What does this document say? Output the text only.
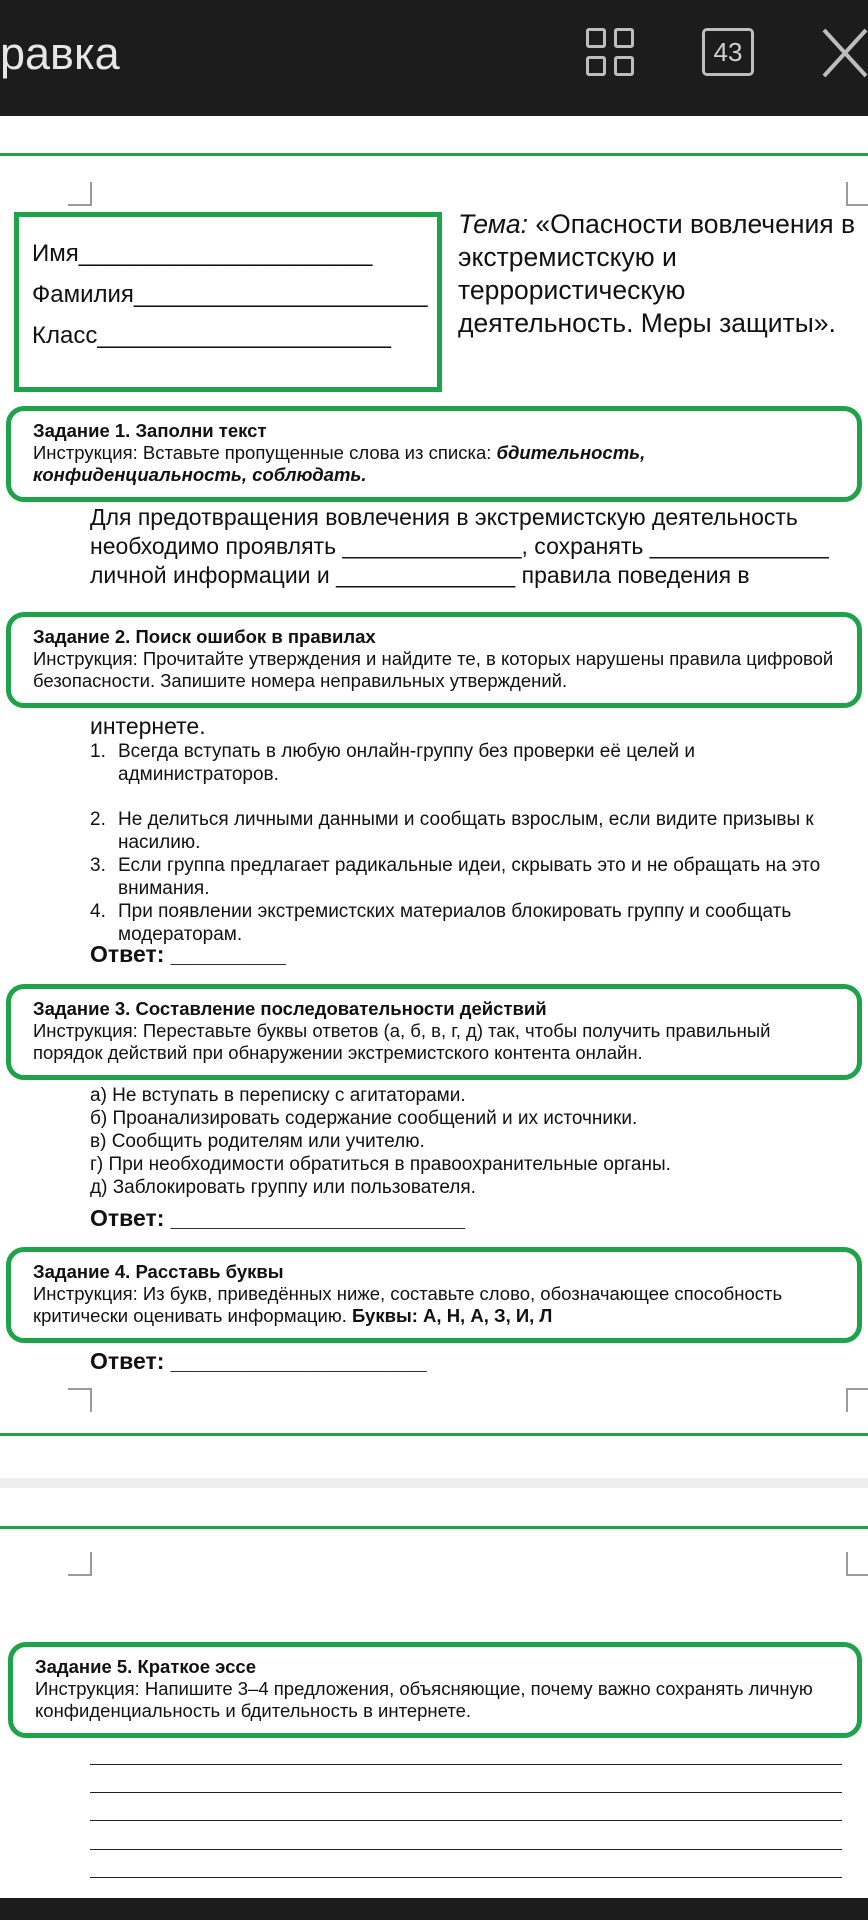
равка	43
Имя______________________
Фамилия______________________
Класс______________________
Тема: «Опасности вовлечения в экстремистскую и террористическую деятельность. Меры защиты».
Задание 1. Заполни текст
Инструкция: Вставьте пропущенные слова из списка: бдительность, конфиденциальность, соблюдать.
Для предотвращения вовлечения в экстремистскую деятельность
необходимо проявлять ______________, сохранять ______________
личной информации и ______________ правила поведения в
Задание 2. Поиск ошибок в правилах
Инструкция: Прочитайте утверждения и найдите те, в которых нарушены правила цифровой безопасности. Запишите номера неправильных утверждений.
интернете.
1. Всегда вступать в любую онлайн-группу без проверки её целей и администраторов.
2. Не делиться личными данными и сообщать взрослым, если видите призывы к насилию.
3. Если группа предлагает радикальные идеи, скрывать это и не обращать на это внимания.
4. При появлении экстремистских материалов блокировать группу и сообщать модераторам.
Ответ: _________
Задание 3. Составление последовательности действий
Инструкция: Переставьте буквы ответов (а, б, в, г, д) так, чтобы получить правильный порядок действий при обнаружении экстремистского контента онлайн.
а) Не вступать в переписку с агитаторами.
б) Проанализировать содержание сообщений и их источники.
в) Сообщить родителям или учителю.
г) При необходимости обратиться в правоохранительные органы.
д) Заблокировать группу или пользователя.
Ответ: _______________________
Задание 4. Расставь буквы
Инструкция: Из букв, приведённых ниже, составьте слово, обозначающее способность критически оценивать информацию. Буквы: А, Н, А, З, И, Л
Ответ: ____________________
Задание 5. Краткое эссе
Инструкция: Напишите 3–4 предложения, объясняющие, почему важно сохранять личную конфиденциальность и бдительность в интернете.
